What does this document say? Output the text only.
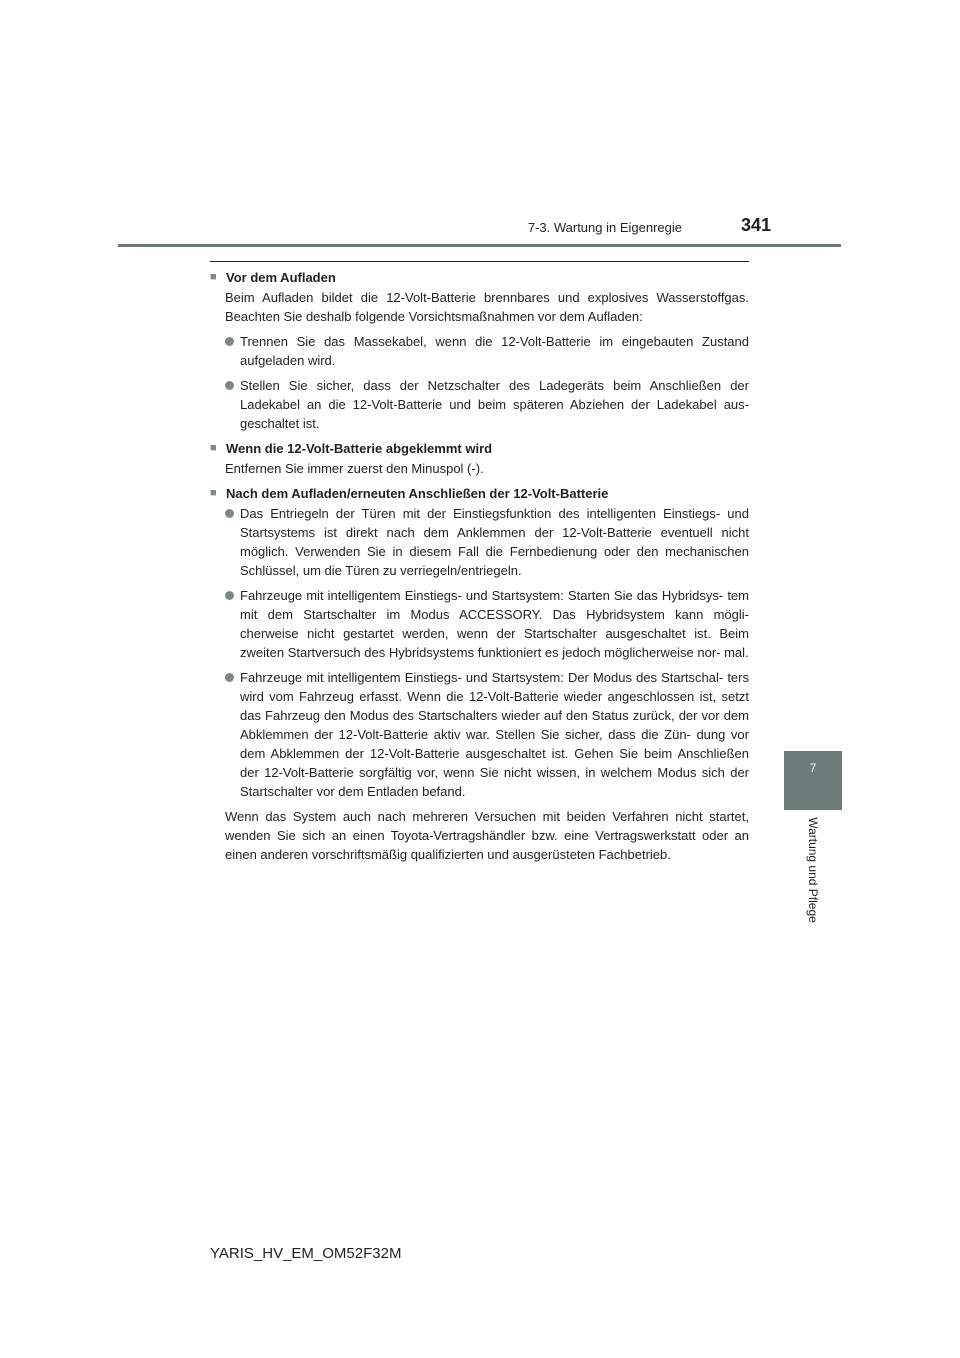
7-3. Wartung in Eigenregie	341
■ Vor dem Aufladen
Beim Aufladen bildet die 12-Volt-Batterie brennbares und explosives Wasserstoffgas. Beachten Sie deshalb folgende Vorsichtsmaßnahmen vor dem Aufladen:
Trennen Sie das Massekabel, wenn die 12-Volt-Batterie im eingebauten Zustand aufgeladen wird.
Stellen Sie sicher, dass der Netzschalter des Ladegeräts beim Anschließen der Ladekabel an die 12-Volt-Batterie und beim späteren Abziehen der Ladekabel aus- geschaltet ist.
■ Wenn die 12-Volt-Batterie abgeklemmt wird
Entfernen Sie immer zuerst den Minuspol (-).
■ Nach dem Aufladen/erneuten Anschließen der 12-Volt-Batterie
Das Entriegeln der Türen mit der Einstiegsfunktion des intelligenten Einstiegs- und Startsystems ist direkt nach dem Anklemmen der 12-Volt-Batterie eventuell nicht möglich. Verwenden Sie in diesem Fall die Fernbedienung oder den mechanischen Schlüssel, um die Türen zu verriegeln/entriegeln.
Fahrzeuge mit intelligentem Einstiegs- und Startsystem: Starten Sie das Hybridsys- tem mit dem Startschalter im Modus ACCESSORY. Das Hybridsystem kann mögli- cherweise nicht gestartet werden, wenn der Startschalter ausgeschaltet ist. Beim zweiten Startversuch des Hybridsystems funktioniert es jedoch möglicherweise nor- mal.
Fahrzeuge mit intelligentem Einstiegs- und Startsystem: Der Modus des Startschal- ters wird vom Fahrzeug erfasst. Wenn die 12-Volt-Batterie wieder angeschlossen ist, setzt das Fahrzeug den Modus des Startschalters wieder auf den Status zurück, der vor dem Abklemmen der 12-Volt-Batterie aktiv war. Stellen Sie sicher, dass die Zün- dung vor dem Abklemmen der 12-Volt-Batterie ausgeschaltet ist. Gehen Sie beim Anschließen der 12-Volt-Batterie sorgfältig vor, wenn Sie nicht wissen, in welchem Modus sich der Startschalter vor dem Entladen befand.
Wenn das System auch nach mehreren Versuchen mit beiden Verfahren nicht startet, wenden Sie sich an einen Toyota-Vertragshändler bzw. eine Vertragswerkstatt oder an einen anderen vorschriftsmäßig qualifizierten und ausgerüsteten Fachbetrieb.
7
Wartung und Pflege
YARIS_HV_EM_OM52F32M
